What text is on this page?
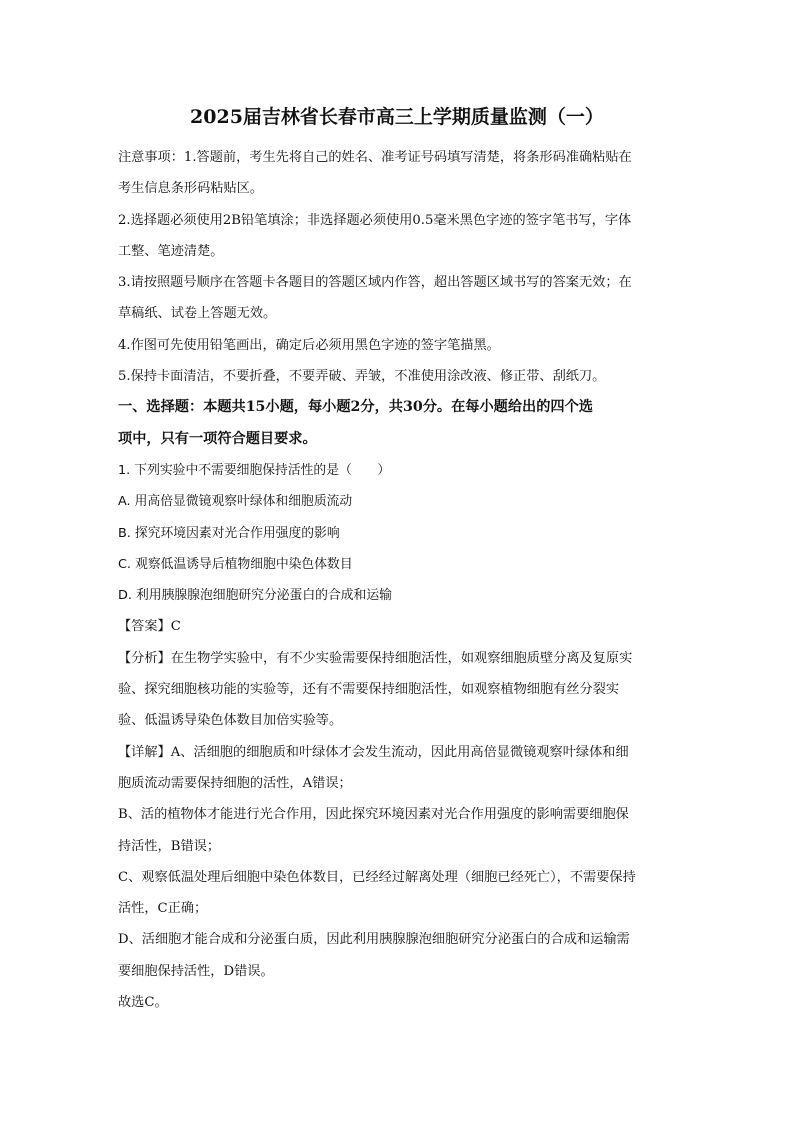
2025届吉林省长春市高三上学期质量监测（一）

注意事项：1.答题前，考生先将自己的姓名、准考证号码填写清楚，将条形码准确粘贴在

考生信息条形码粘贴区。

2.选择题必须使用2B铅笔填涂；非选择题必须使用0.5毫米黑色字迹的签字笔书写，字体

工整、笔迹清楚。

3.请按照题号顺序在答题卡各题目的答题区域内作答，超出答题区域书写的答案无效；在

草稿纸、试卷上答题无效。

4.作图可先使用铅笔画出，确定后必须用黑色字迹的签字笔描黑。

5.保持卡面清洁，不要折叠，不要弄破、弄皱，不准使用涂改液、修正带、刮纸刀。

一、选择题：本题共15小题，每小题2分，共30分。在每小题给出的四个选

项中，只有一项符合题目要求。

1. 下列实验中不需要细胞保持活性的是（　　）

A. 用高倍显微镜观察叶绿体和细胞质流动

B. 探究环境因素对光合作用强度的影响

C. 观察低温诱导后植物细胞中染色体数目

D. 利用胰腺腺泡细胞研究分泌蛋白的合成和运输

【答案】C

【分析】在生物学实验中，有不少实验需要保持细胞活性，如观察细胞质壁分离及复原实

验、探究细胞核功能的实验等，还有不需要保持细胞活性，如观察植物细胞有丝分裂实

验、低温诱导染色体数目加倍实验等。

【详解】A、活细胞的细胞质和叶绿体才会发生流动，因此用高倍显微镜观察叶绿体和细

胞质流动需要保持细胞的活性，A错误；

B、活的植物体才能进行光合作用，因此探究环境因素对光合作用强度的影响需要细胞保

持活性，B错误；

C、观察低温处理后细胞中染色体数目，已经经过解离处理（细胞已经死亡），不需要保持

活性，C正确；

D、活细胞才能合成和分泌蛋白质，因此利用胰腺腺泡细胞研究分泌蛋白的合成和运输需

要细胞保持活性，D错误。

故选C。
